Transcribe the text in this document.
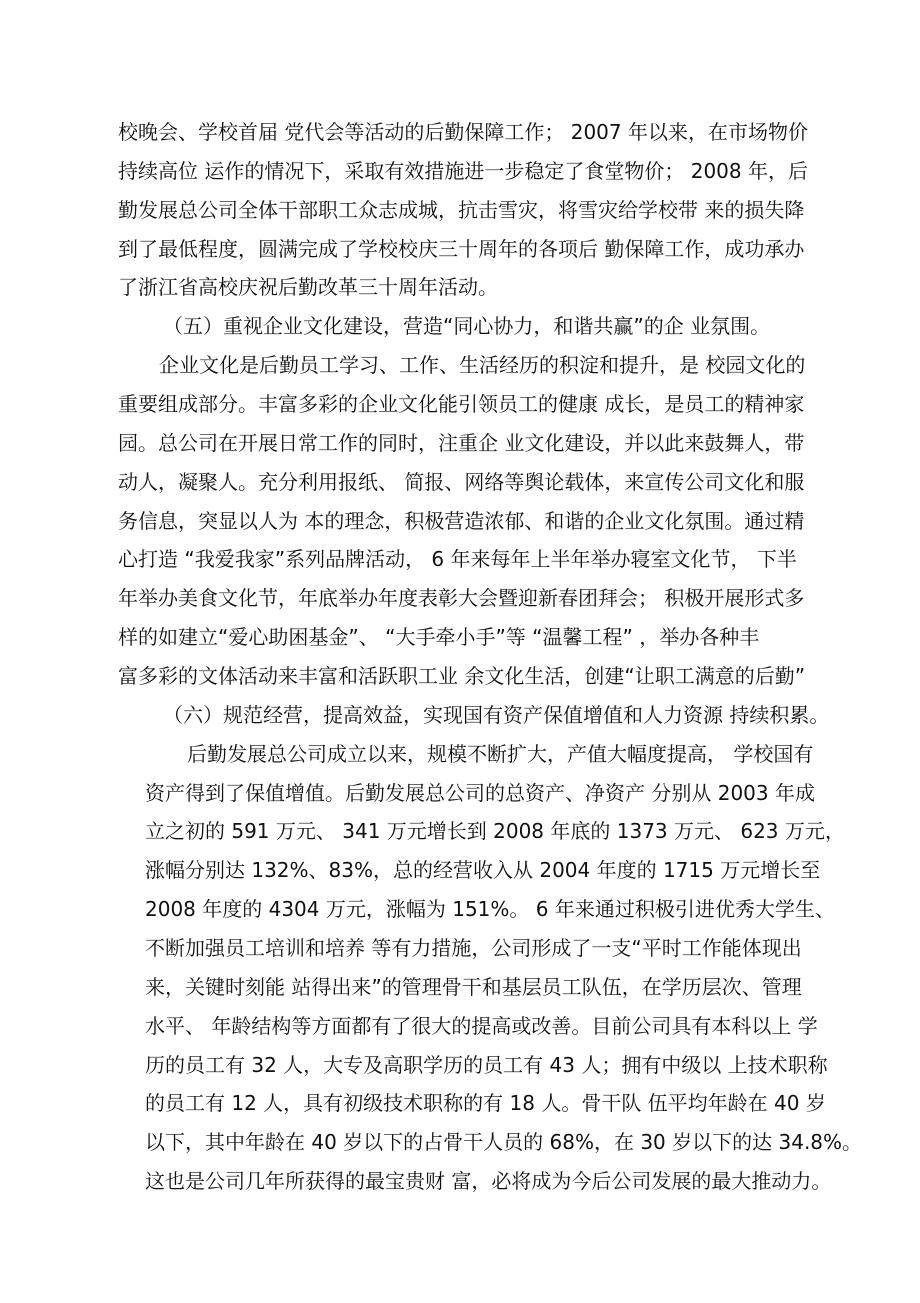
校晚会、学校首届 党代会等活动的后勤保障工作； 2007 年以来，在市场物价
持续高位 运作的情况下，采取有效措施进一步稳定了食堂物价； 2008 年，后
勤发展总公司全体干部职工众志成城，抗击雪灾，将雪灾给学校带 来的损失降
到了最低程度，圆满完成了学校校庆三十周年的各项后 勤保障工作，成功承办
了浙江省高校庆祝后勤改革三十周年活动。
（五）重视企业文化建设，营造“同心协力，和谐共赢”的企 业氛围。
企业文化是后勤员工学习、工作、生活经历的积淀和提升，是 校园文化的
重要组成部分。丰富多彩的企业文化能引领员工的健康 成长，是员工的精神家
园。总公司在开展日常工作的同时，注重企 业文化建设，并以此来鼓舞人，带
动人，凝聚人。充分利用报纸、 简报、网络等舆论载体，来宣传公司文化和服
务信息，突显以人为 本的理念，积极营造浓郁、和谐的企业文化氛围。通过精
心打造 “我爱我家”系列品牌活动， 6 年来每年上半年举办寝室文化节， 下半
年举办美食文化节，年底举办年度表彰大会暨迎新春团拜会； 积极开展形式多
样的如建立“爱心助困基金”、 “大手牵小手”等 “温馨工程” ，举办各种丰
富多彩的文体活动来丰富和活跃职工业 余文化生活，创建“让职工满意的后勤”
（六）规范经营，提高效益，实现国有资产保值增值和人力资源 持续积累。
后勤发展总公司成立以来，规模不断扩大，产值大幅度提高， 学校国有
资产得到了保值增值。后勤发展总公司的总资产、净资产 分别从 2003 年成
立之初的 591 万元、 341 万元增长到 2008 年底的 1373 万元、 623 万元，
涨幅分别达 132%、83%，总的经营收入从 2004 年度的 1715 万元增长至
2008 年度的 4304 万元，涨幅为 151%。 6 年来通过积极引进优秀大学生、
不断加强员工培训和培养 等有力措施，公司形成了一支“平时工作能体现出
来，关键时刻能 站得出来”的管理骨干和基层员工队伍，在学历层次、管理
水平、 年龄结构等方面都有了很大的提高或改善。目前公司具有本科以上 学
历的员工有 32 人，大专及高职学历的员工有 43 人；拥有中级以 上技术职称
的员工有 12 人，具有初级技术职称的有 18 人。骨干队 伍平均年龄在 40 岁
以下，其中年龄在 40 岁以下的占骨干人员的 68%，在 30 岁以下的达 34.8%。
这也是公司几年所获得的最宝贵财 富，必将成为今后公司发展的最大推动力。
